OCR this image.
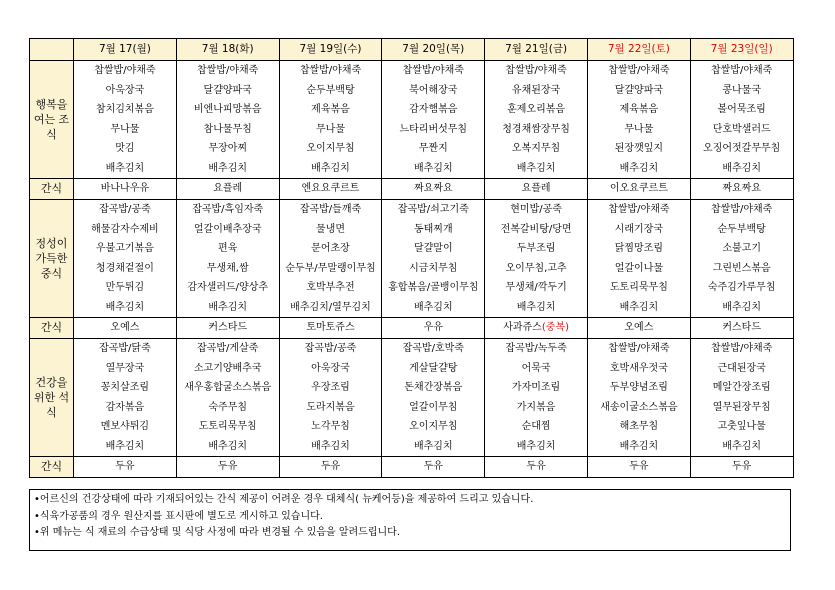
	7월 17(월)	7월 18(화)	7월 19일(수)	7월 20일(목)	7월 21일(금)	7월 22일(토)	7월 23일(일)
행복을 여는 조식	찹쌀밥/야채죽	찹쌀밥/야채죽	찹쌀밥/야채죽	찹쌀밥/야채죽	찹쌀밥/야채죽	찹쌀밥/야채죽	찹쌀밥/야채죽
	아욱장국	달걀양파국	순두부백탕	북어해장국	유채된장국	달걀양파국	콩나물국
	참치김치볶음	비엔나피망볶음	제육볶음	감자햄볶음	훈제오리볶음	제육볶음	볼어묵조림
	무나물	참나물무침	무나물	느타리버섯무침	청경채쌈장무침	무나물	단호박샐러드
	맛김	무장아찌	오이지무침	무짠지	오복지무침	된장깻잎지	오징어젓갈무무침
	배추김치	배추김치	배추김치	배추김치	배추김치	배추김치	배추김치
간식	바나나우유	요플레	엔요요쿠르트	짜요짜요	요플레	이오요쿠르트	짜요짜요
정성이 가득한 중식	잡곡밥/공죽	잡곡밥/흑임자죽	잡곡밥/들깨죽	잡곡밥/쇠고기죽	현미밥/공죽	찹쌀밥/야채죽	찹쌀밥/야채죽
	해물감자수제비	얼갈이배추장국	물냉면	동태찌개	전복갈비탕/당면	시래기장국	순두부백탕
	우불고기볶음	편육	문어초장	달걀말이	두부조림	닭찜망조림	소불고기
	청경채겉절이	무생채,쌈	순두부/무말랭이무침	시금치무침	오이무침,고추	얼갈이나물	그린빈스볶음
	만두튀김	감자샐러드/양상추	호박부추전	홍합볶음/골뱅이무침	무생채/깍두기	도토리묵무침	숙주김가루무침
	배추김치	배추김치	배추김치/열무김치	배추김치	배추김치	배추김치	배추김치
간식	오예스	커스타드	토마토쥬스	우유	사과쥬스(중복)	오예스	커스타드
건강을 위한 석식	잡곡밥/닭죽	잡곡밥/게살죽	잡곡밥/공죽	잡곡밥/호박죽	잡곡밥/녹두죽	찹쌀밥/야채죽	찹쌀밥/야채죽
	열무장국	소고기양배추국	아욱장국	게살달걀탕	어묵국	호박새우젓국	근대된장국
	꽁치살조림	새우홍합굴소스볶음	우장조림	돈채간장볶음	가자미조림	두부양념조림	메알간장조림
	감자볶음	숙주무침	도라지볶음	얼갈이무침	가지볶음	새송이굴소스볶음	열무된장무침
	멘보샤튀김	도토리묵무침	노각무침	오이지무침	순대찜	해초무침	고춧잎나물
	배추김치	배추김치	배추김치	배추김치	배추김치	배추김치	배추김치
간식	두유	두유	두유	두유	두유	두유	두유
•어르신의 건강상태에 따라 기재되어있는 간식 제공이 어려운 경우 대체식( 뉴케어등)을 제공하여 드리고 있습니다.
•식육가공품의 경우 원산지를 표시판에 별도로 게시하고 있습니다.
•위 메뉴는 식 재료의 수급상태 및 식당 사정에 따라 변경될 수 있음을 알려드립니다.
